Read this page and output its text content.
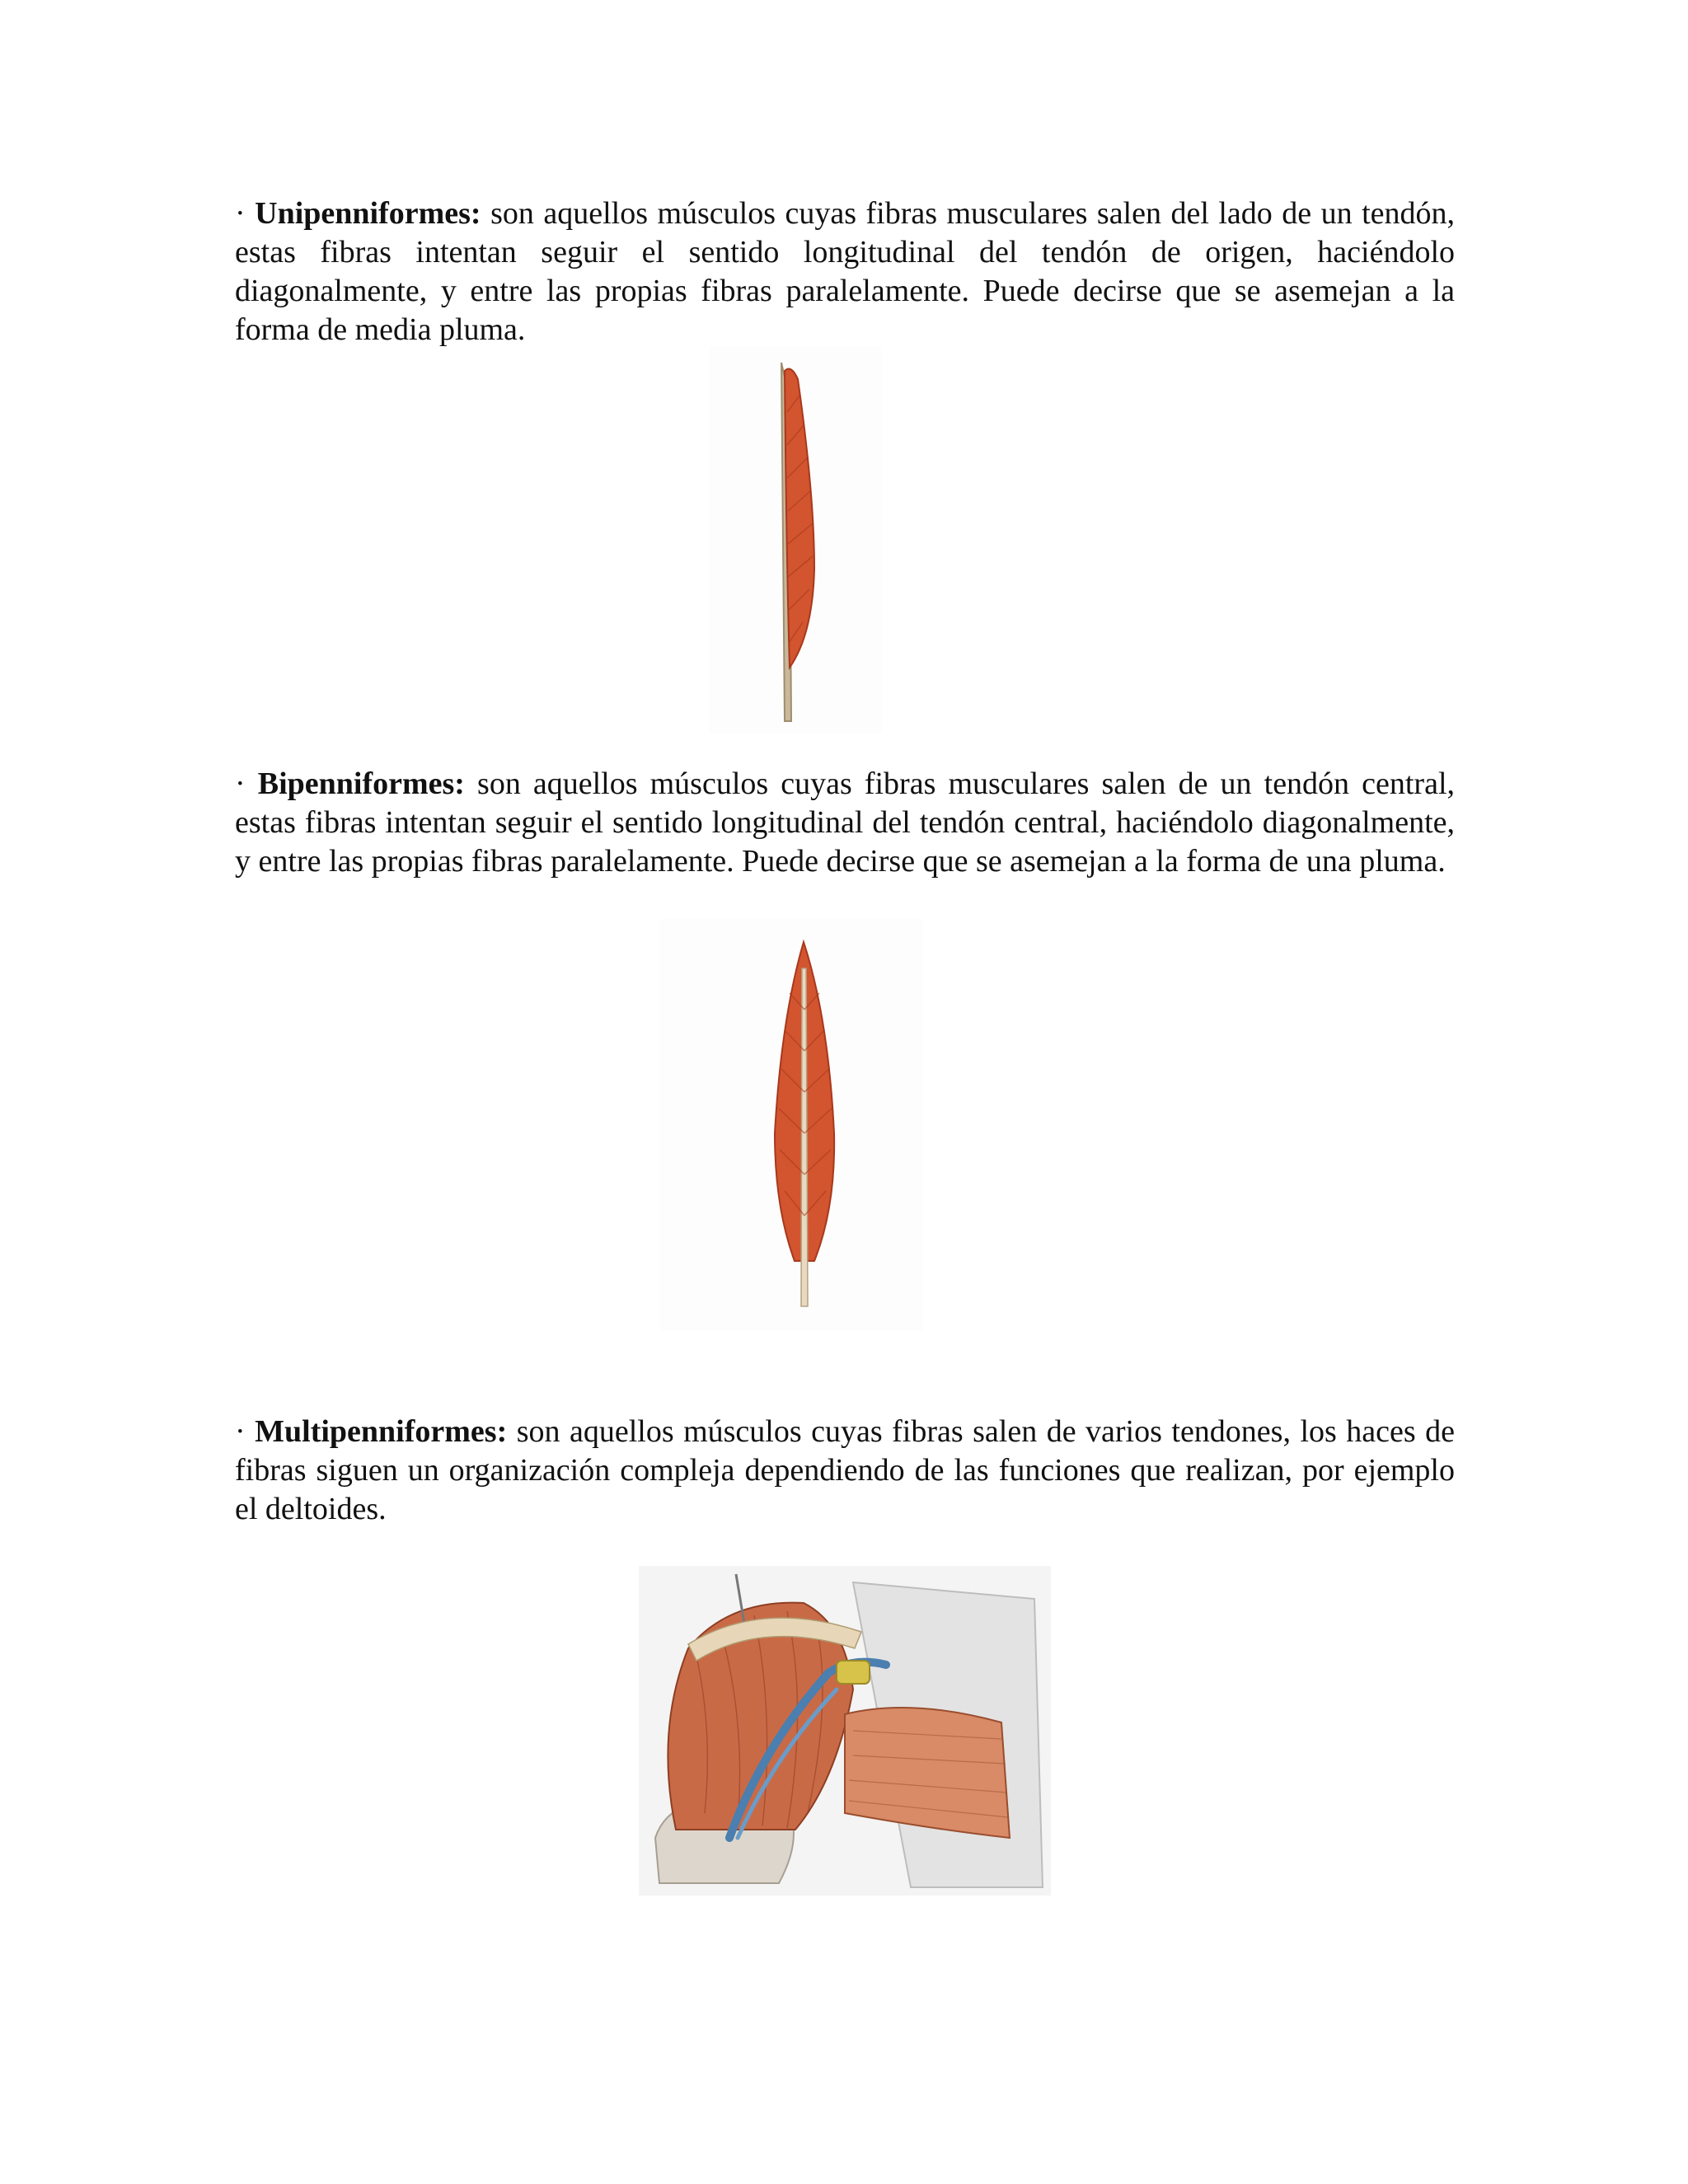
· Unipenniformes: son aquellos músculos cuyas fibras musculares salen del lado de un tendón, estas fibras intentan seguir el sentido longitudinal del tendón de origen, haciéndolo diagonalmente, y entre las propias fibras paralelamente. Puede decirse que se asemejan a la forma de media pluma.

· Bipenniformes: son aquellos músculos cuyas fibras musculares salen de un tendón central, estas fibras intentan seguir el sentido longitudinal del tendón central, haciéndolo diagonalmente, y entre las propias fibras paralelamente. Puede decirse que se asemejan a la forma de una pluma.

· Multipenniformes: son aquellos músculos cuyas fibras salen de varios tendones, los haces de fibras siguen un organización compleja dependiendo de las funciones que realizan, por ejemplo el deltoides.
